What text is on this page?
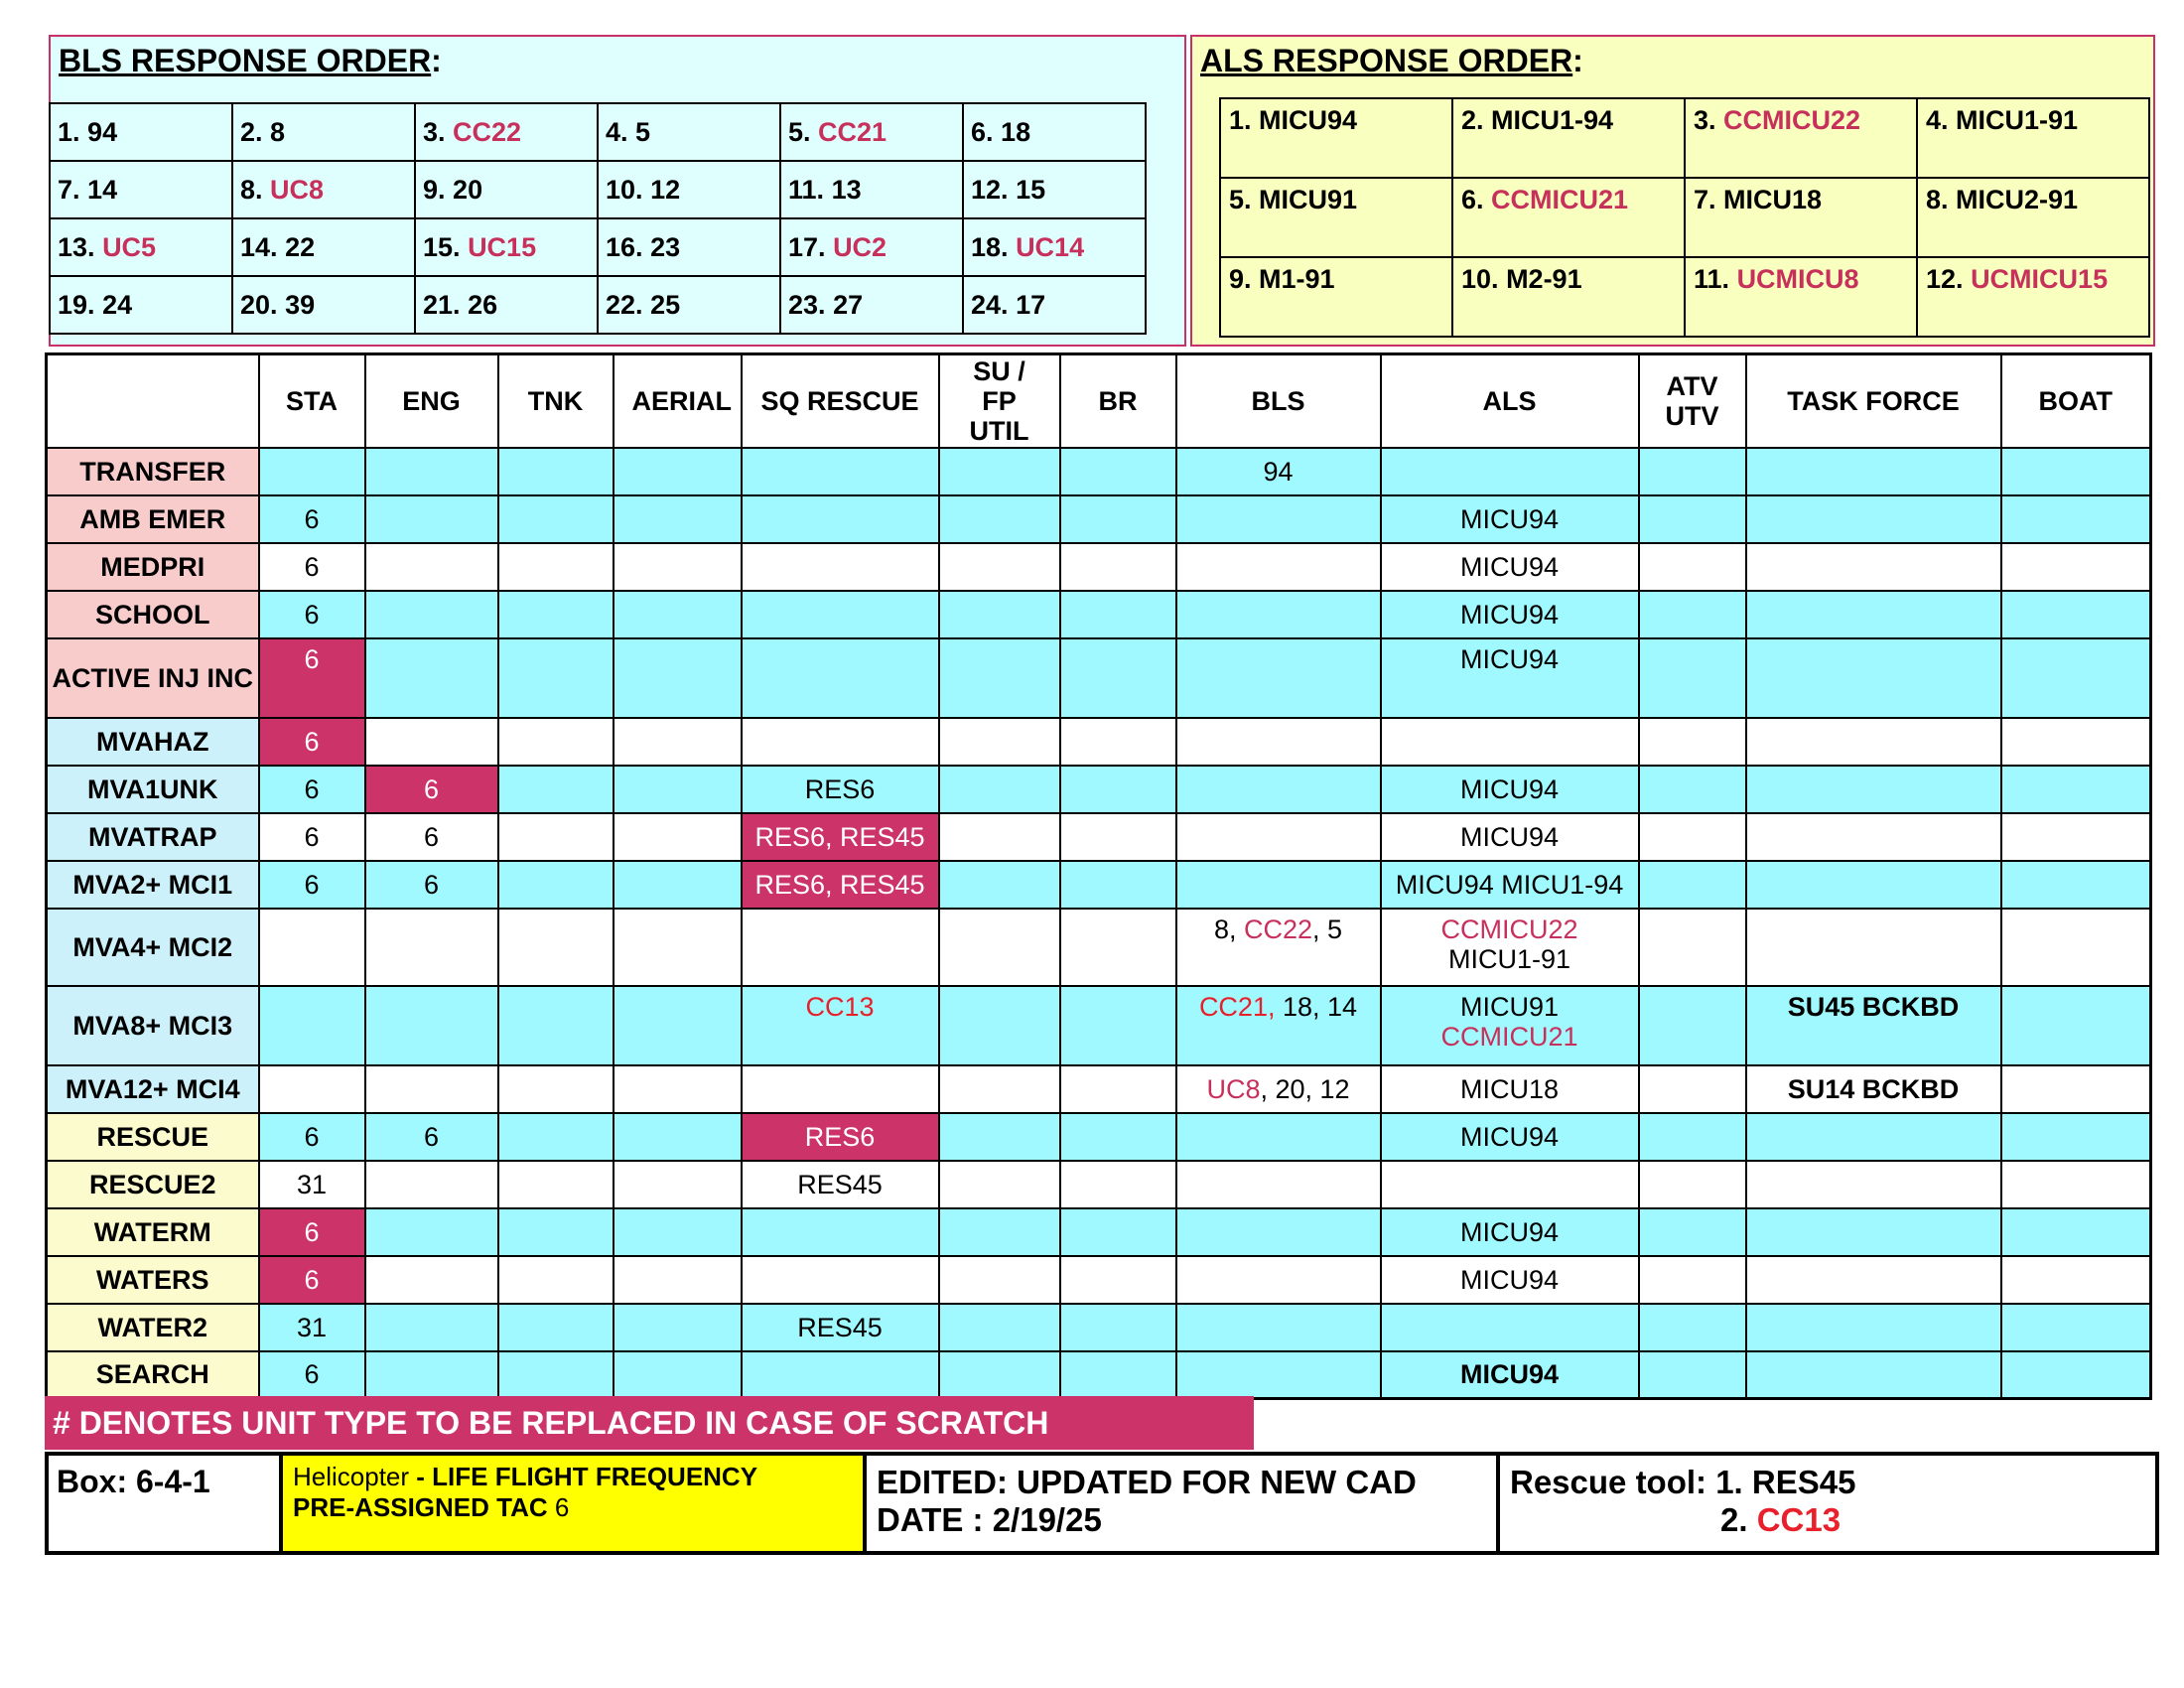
BLS RESPONSE ORDER:
1. 94	2. 8	3. CC22	4. 5	5. CC21	6. 18
7. 14	8. UC8	9. 20	10. 12	11. 13	12. 15
13. UC5	14. 22	15. UC15	16. 23	17. UC2	18. UC14
19. 24	20. 39	21. 26	22. 25	23. 27	24. 17
ALS RESPONSE ORDER:
1. MICU94	2. MICU1-94	3. CCMICU22	4. MICU1-91
5. MICU91	6. CCMICU21	7. MICU18	8. MICU2-91
9. M1-91	10. M2-91	11. UCMICU8	12. UCMICU15
	STA	ENG	TNK	AERIAL	SQ RESCUE	SU / FP UTIL	BR	BLS	ALS	ATV UTV	TASK FORCE	BOAT
TRANSFER								94				
AMB EMER	6								MICU94			
MEDPRI	6								MICU94			
SCHOOL	6								MICU94			
ACTIVE INJ INC	6								MICU94			
MVAHAZ	6											
MVA1UNK	6	6			RES6				MICU94			
MVATRAP	6	6			RES6, RES45				MICU94			
MVA2+ MCI1	6	6			RES6, RES45				MICU94 MICU1-94			
MVA4+ MCI2								8, CC22, 5	CCMICU22
MICU1-91			
MVA8+ MCI3					CC13			CC21, 18, 14	MICU91
CCMICU21		SU45 BCKBD	
MVA12+ MCI4								UC8, 20, 12	MICU18		SU14 BCKBD	
RESCUE	6	6			RES6				MICU94			
RESCUE2	31				RES45							
WATERM	6								MICU94			
WATERS	6								MICU94			
WATER2	31				RES45							
SEARCH	6								MICU94			
# DENOTES UNIT TYPE TO BE REPLACED IN CASE OF SCRATCH
Box: 6-4-1	Helicopter - LIFE FLIGHT FREQUENCY
PRE-ASSIGNED TAC 6
EDITED: UPDATED FOR NEW CAD
DATE : 2/19/25
Rescue tool: 1. RES45
2. CC13
